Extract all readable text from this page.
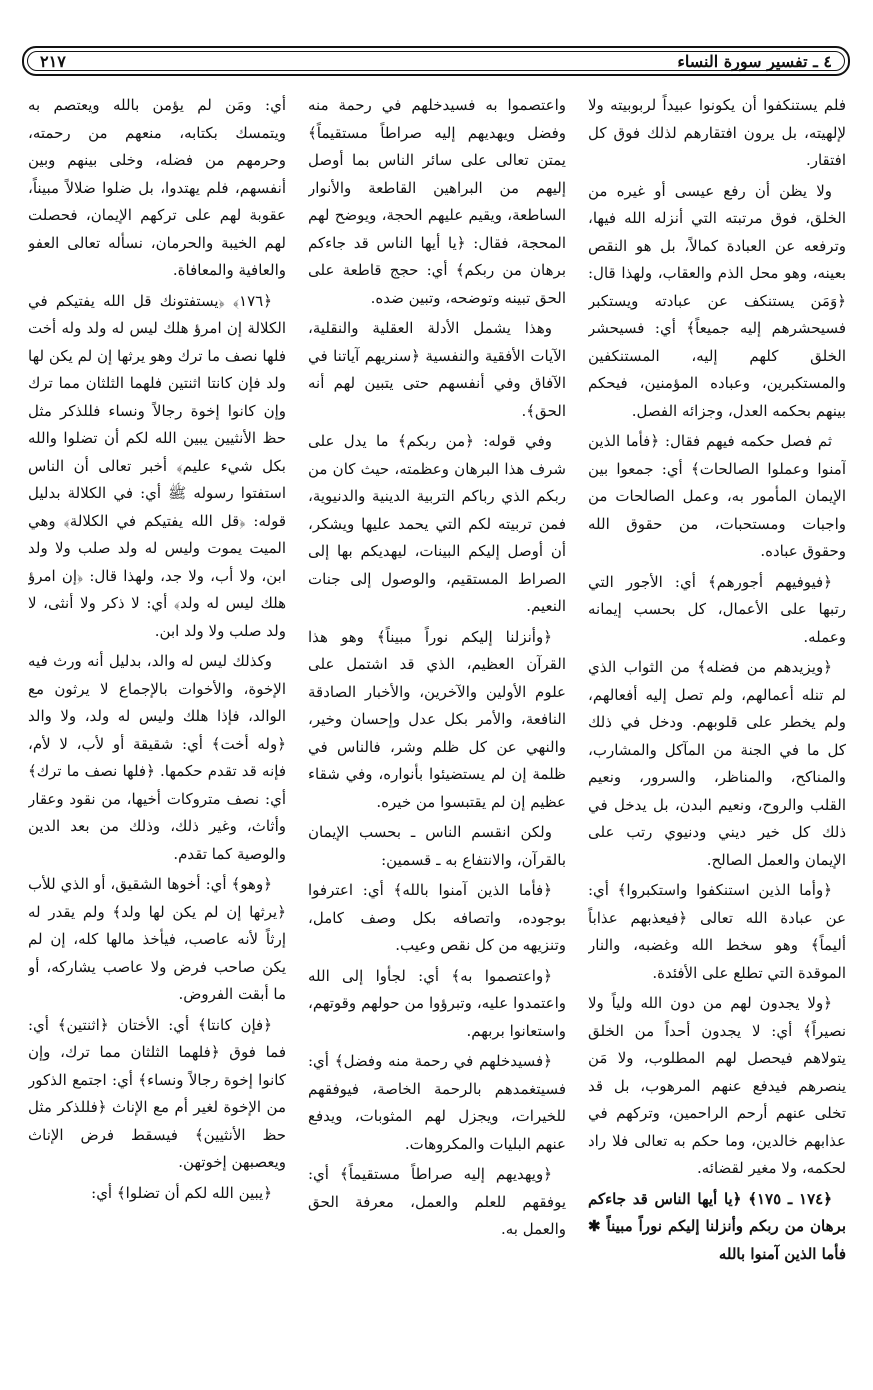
٤ ـ تفسير سورة النساء
٢١٧

فلم يستنكفوا أن يكونوا عبيداً لربوبيته ولا لإلهيته، بل يرون افتقارهم لذلك فوق كل افتقار.

ولا يظن أن رفع عيسى أو غيره من الخلق، فوق مرتبته التي أنزله الله فيها، وترفعه عن العبادة كمالاً، بل هو النقص بعينه، وهو محل الذم والعقاب، ولهذا قال: ﴿وَمَن يستنكف عن عبادته ويستكبر فسيحشرهم إليه جميعاً﴾ أي: فسيحشر الخلق كلهم إليه، المستنكفين والمستكبرين، وعباده المؤمنين، فيحكم بينهم بحكمه العدل، وجزائه الفصل.

ثم فصل حكمه فيهم فقال: ﴿فأما الذين آمنوا وعملوا الصالحات﴾ أي: جمعوا بين الإيمان المأمور به، وعمل الصالحات من واجبات ومستحبات، من حقوق الله وحقوق عباده.

﴿فيوفيهم أجورهم﴾ أي: الأجور التي رتبها على الأعمال، كل بحسب إيمانه وعمله.

﴿ويزيدهم من فضله﴾ من الثواب الذي لم تنله أعمالهم، ولم تصل إليه أفعالهم، ولم يخطر على قلوبهم. ودخل في ذلك كل ما في الجنة من المآكل والمشارب، والمناكح، والمناظر، والسرور، ونعيم القلب والروح، ونعيم البدن، بل يدخل في ذلك كل خير ديني ودنيوي رتب على الإيمان والعمل الصالح.

﴿وأما الذين استنكفوا واستكبروا﴾ أي: عن عبادة الله تعالى ﴿فيعذبهم عذاباً أليماً﴾ وهو سخط الله وغضبه، والنار الموقدة التي تطلع على الأفئدة.

﴿ولا يجدون لهم من دون الله ولياً ولا نصيراً﴾ أي: لا يجدون أحداً من الخلق يتولاهم فيحصل لهم المطلوب، ولا مَن ينصرهم فيدفع عنهم المرهوب، بل قد تخلى عنهم أرحم الراحمين، وتركهم في عذابهم خالدين، وما حكم به تعالى فلا راد لحكمه، ولا مغير لقضائه.

﴿١٧٤ ـ ١٧٥﴾ ﴿يا أيها الناس قد جاءكم برهان من ربكم وأنزلنا إليكم نوراً مبيناً ✱ فأما الذين آمنوا بالله

واعتصموا به فسيدخلهم في رحمة منه وفضل ويهديهم إليه صراطاً مستقيماً﴾ يمتن تعالى على سائر الناس بما أوصل إليهم من البراهين القاطعة والأنوار الساطعة، ويقيم عليهم الحجة، ويوضح لهم المحجة، فقال: ﴿يا أيها الناس قد جاءكم برهان من ربكم﴾ أي: حجج قاطعة على الحق تبينه وتوضحه، وتبين ضده.

وهذا يشمل الأدلة العقلية والنقلية، الآيات الأفقية والنفسية ﴿سنريهم آياتنا في الآفاق وفي أنفسهم حتى يتبين لهم أنه الحق﴾.

وفي قوله: ﴿من ربكم﴾ ما يدل على شرف هذا البرهان وعظمته، حيث كان من ربكم الذي رباكم التربية الدينية والدنيوية، فمن تربيته لكم التي يحمد عليها ويشكر، أن أوصل إليكم البينات، ليهديكم بها إلى الصراط المستقيم، والوصول إلى جنات النعيم.

﴿وأنزلنا إليكم نوراً مبيناً﴾ وهو هذا القرآن العظيم، الذي قد اشتمل على علوم الأولين والآخرين، والأخبار الصادقة النافعة، والأمر بكل عدل وإحسان وخير، والنهي عن كل ظلم وشر، فالناس في ظلمة إن لم يستضيئوا بأنواره، وفي شقاء عظيم إن لم يقتبسوا من خيره.

ولكن انقسم الناس ـ بحسب الإيمان بالقرآن، والانتفاع به ـ قسمين:

﴿فأما الذين آمنوا بالله﴾ أي: اعترفوا بوجوده، واتصافه بكل وصف كامل، وتنزيهه من كل نقص وعيب.

﴿واعتصموا به﴾ أي: لجأوا إلى الله واعتمدوا عليه، وتبرؤوا من حولهم وقوتهم، واستعانوا بربهم.

﴿فسيدخلهم في رحمة منه وفضل﴾ أي: فسيتغمدهم بالرحمة الخاصة، فيوفقهم للخيرات، ويجزل لهم المثوبات، ويدفع عنهم البليات والمكروهات.

﴿ويهديهم إليه صراطاً مستقيماً﴾ أي: يوفقهم للعلم والعمل، معرفة الحق والعمل به.

أي: ومَن لم يؤمن بالله ويعتصم به ويتمسك بكتابه، منعهم من رحمته، وحرمهم من فضله، وخلى بينهم وبين أنفسهم، فلم يهتدوا، بل ضلوا ضلالاً مبيناً، عقوبة لهم على تركهم الإيمان، فحصلت لهم الخيبة والحرمان، نسأله تعالى العفو والعافية والمعافاة.

﴿١٧٦﴾ ﴿يستفتونك قل الله يفتيكم في الكلالة إن امرؤ هلك ليس له ولد وله أخت فلها نصف ما ترك وهو يرثها إن لم يكن لها ولد فإن كانتا اثنتين فلهما الثلثان مما ترك وإن كانوا إخوة رجالاً ونساء فللذكر مثل حظ الأنثيين يبين الله لكم أن تضلوا والله بكل شيء عليم﴾ أخبر تعالى أن الناس استفتوا رسوله ﷺ أي: في الكلالة بدليل قوله: ﴿قل الله يفتيكم في الكلالة﴾ وهي الميت يموت وليس له ولد صلب ولا ولد ابن، ولا أب، ولا جد، ولهذا قال: ﴿إن امرؤ هلك ليس له ولد﴾ أي: لا ذكر ولا أنثى، لا ولد صلب ولا ولد ابن.

وكذلك ليس له والد، بدليل أنه ورث فيه الإخوة، والأخوات بالإجماع لا يرثون مع الوالد، فإذا هلك وليس له ولد، ولا والد ﴿وله أخت﴾ أي: شقيقة أو لأب، لا لأم، فإنه قد تقدم حكمها. ﴿فلها نصف ما ترك﴾ أي: نصف متروكات أخيها، من نقود وعقار وأثاث، وغير ذلك، وذلك من بعد الدين والوصية كما تقدم.

﴿وهو﴾ أي: أخوها الشقيق، أو الذي للأب ﴿يرثها إن لم يكن لها ولد﴾ ولم يقدر له إرثاً لأنه عاصب، فيأخذ مالها كله، إن لم يكن صاحب فرض ولا عاصب يشاركه، أو ما أبقت الفروض.

﴿فإن كانتا﴾ أي: الأختان ﴿اثنتين﴾ أي: فما فوق ﴿فلهما الثلثان مما ترك، وإن كانوا إخوة رجالاً ونساء﴾ أي: اجتمع الذكور من الإخوة لغير أم مع الإناث ﴿فللذكر مثل حظ الأنثيين﴾ فيسقط فرض الإناث ويعصبهن إخوتهن.

﴿يبين الله لكم أن تضلوا﴾ أي:
